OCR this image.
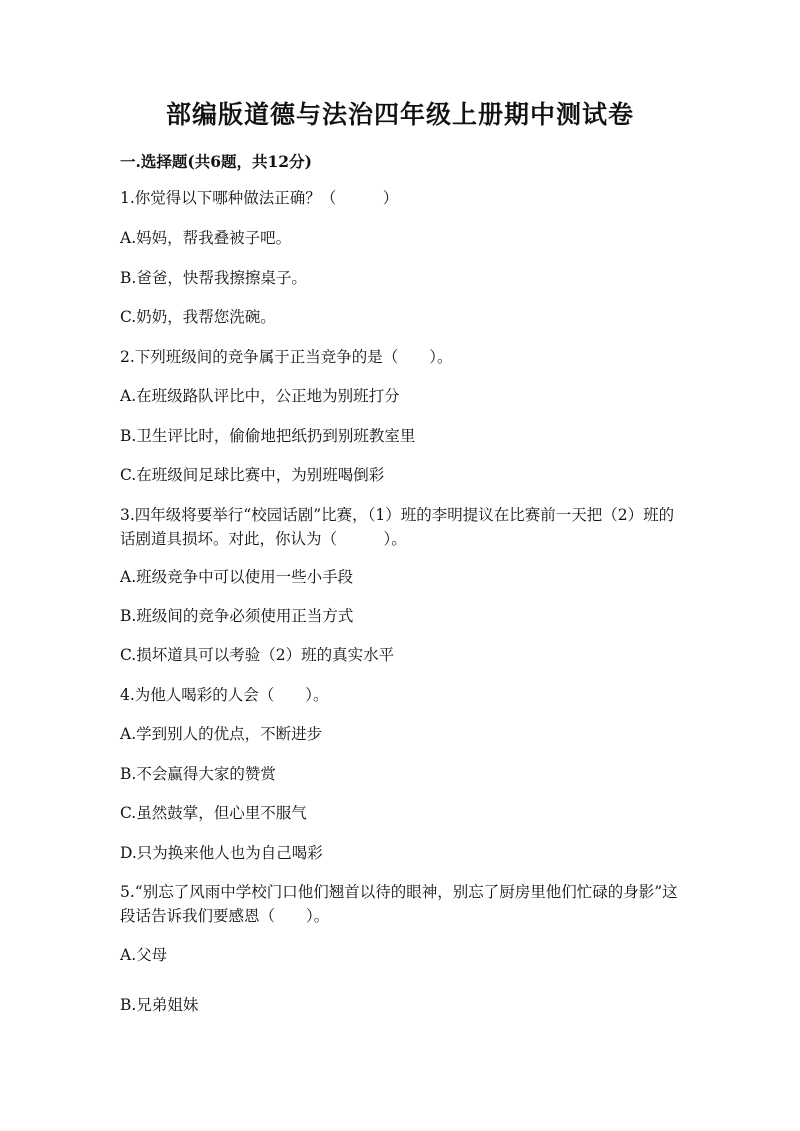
部编版道德与法治四年级上册期中测试卷
一.选择题(共6题，共12分)
1.你觉得以下哪种做法正确？（　　　）
A.妈妈，帮我叠被子吧。
B.爸爸，快帮我擦擦桌子。
C.奶奶，我帮您洗碗。
2.下列班级间的竞争属于正当竞争的是（　　）。
A.在班级路队评比中，公正地为别班打分
B.卫生评比时，偷偷地把纸扔到别班教室里
C.在班级间足球比赛中，为别班喝倒彩
3.四年级将要举行“校园话剧”比赛，（1）班的李明提议在比赛前一天把（2）班的话剧道具损坏。对此，你认为（　　　）。
A.班级竞争中可以使用一些小手段
B.班级间的竞争必须使用正当方式
C.损坏道具可以考验（2）班的真实水平
4.为他人喝彩的人会（　　）。
A.学到别人的优点，不断进步
B.不会赢得大家的赞赏
C.虽然鼓掌，但心里不服气
D.只为换来他人也为自己喝彩
5.“别忘了风雨中学校门口他们翘首以待的眼神，别忘了厨房里他们忙碌的身影”这段话告诉我们要感恩（　　）。
A.父母
B.兄弟姐妹
